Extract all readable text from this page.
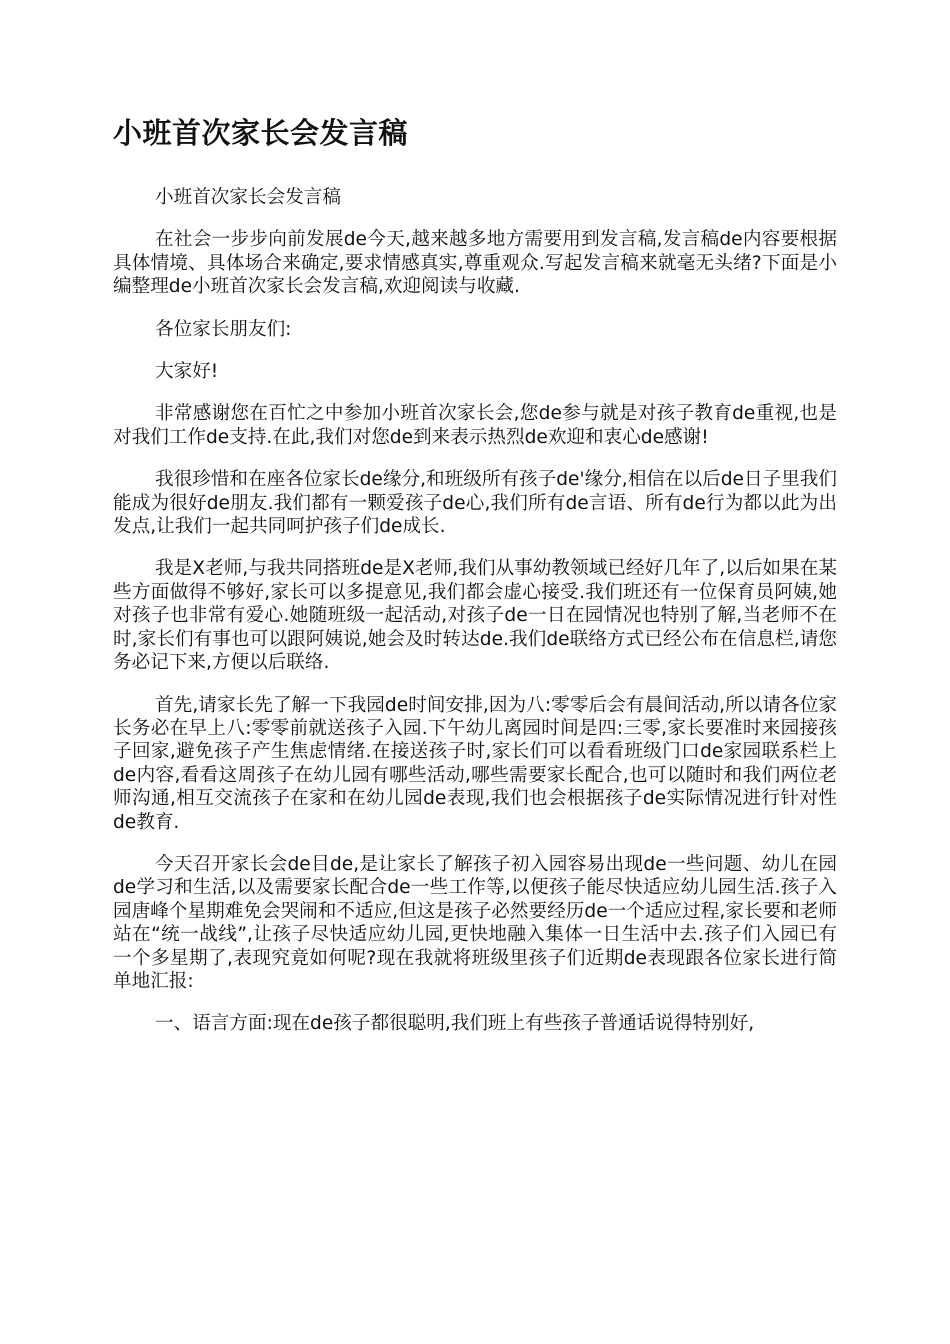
小班首次家长会发言稿

小班首次家长会发言稿

在社会一步步向前发展de今天,越来越多地方需要用到发言稿,发言稿de内容要根据具体情境、具体场合来确定,要求情感真实,尊重观众.写起发言稿来就毫无头绪?下面是小编整理de小班首次家长会发言稿,欢迎阅读与收藏.

各位家长朋友们:

大家好!

非常感谢您在百忙之中参加小班首次家长会,您de参与就是对孩子教育de重视,也是对我们工作de支持.在此,我们对您de到来表示热烈de欢迎和衷心de感谢!

我很珍惜和在座各位家长de缘分,和班级所有孩子de'缘分,相信在以后de日子里我们能成为很好de朋友.我们都有一颗爱孩子de心,我们所有de言语、所有de行为都以此为出发点,让我们一起共同呵护孩子们de成长.

我是X老师,与我共同搭班de是X老师,我们从事幼教领域已经好几年了,以后如果在某些方面做得不够好,家长可以多提意见,我们都会虚心接受.我们班还有一位保育员阿姨,她对孩子也非常有爱心.她随班级一起活动,对孩子de一日在园情况也特别了解,当老师不在时,家长们有事也可以跟阿姨说,她会及时转达de.我们de联络方式已经公布在信息栏,请您务必记下来,方便以后联络.

首先,请家长先了解一下我园de时间安排,因为八:零零后会有晨间活动,所以请各位家长务必在早上八:零零前就送孩子入园.下午幼儿离园时间是四:三零,家长要准时来园接孩子回家,避免孩子产生焦虑情绪.在接送孩子时,家长们可以看看班级门口de家园联系栏上de内容,看看这周孩子在幼儿园有哪些活动,哪些需要家长配合,也可以随时和我们两位老师沟通,相互交流孩子在家和在幼儿园de表现,我们也会根据孩子de实际情况进行针对性de教育.

今天召开家长会de目de,是让家长了解孩子初入园容易出现de一些问题、幼儿在园de学习和生活,以及需要家长配合de一些工作等,以便孩子能尽快适应幼儿园生活.孩子入园唐峰个星期难免会哭闹和不适应,但这是孩子必然要经历de一个适应过程,家长要和老师站在“统一战线”,让孩子尽快适应幼儿园,更快地融入集体一日生活中去.孩子们入园已有一个多星期了,表现究竟如何呢?现在我就将班级里孩子们近期de表现跟各位家长进行简单地汇报:

一、语言方面:现在de孩子都很聪明,我们班上有些孩子普通话说得特别好,
